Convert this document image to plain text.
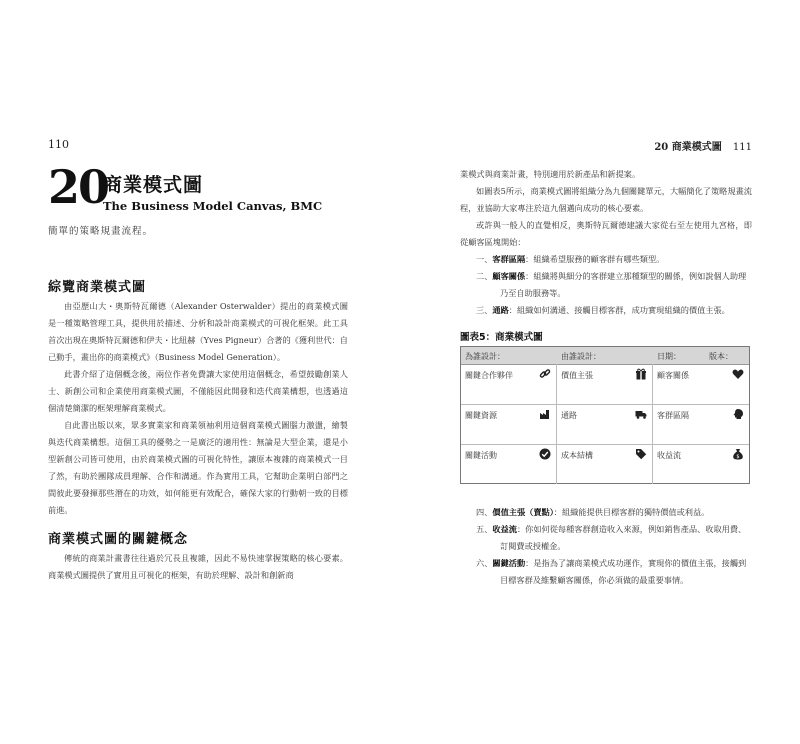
110
20
商業模式圖
The Business Model Canvas, BMC
簡單的策略規畫流程。
綜覽商業模式圖

由亞歷山大・奧斯特瓦爾德（Alexander Osterwalder）提出的商業模式圖是一種策略管理工具，提供用於描述、分析和設計商業模式的可視化框架。此工具首次出現在奧斯特瓦爾德和伊夫・比紐赫（Yves Pigneur）合著的《獲利世代：自己動手，畫出你的商業模式》（Business Model Generation）。

此書介紹了這個概念後，兩位作者免費讓大家使用這個概念，希望鼓勵創業人士、新創公司和企業使用商業模式圖，不僅能因此開發和迭代商業構想，也透過這個清楚簡潔的框架理解商業模式。

自此書出版以來，眾多實業家和商業領袖利用這個商業模式圖腦力激盪，繪製與迭代商業構想。這個工具的優勢之一是廣泛的適用性：無論是大型企業，還是小型新創公司皆可使用，由於商業模式圖的可視化特性，讓原本複雜的商業模式一目了然，有助於團隊成員理解、合作和溝通。作為實用工具，它幫助企業明白部門之間彼此要發揮那些潛在的功效，如何能更有效配合，確保大家的行動朝一致的目標前進。

商業模式圖的關鍵概念

傳統的商業計畫書往往過於冗長且複雜，因此不易快速掌握策略的核心要素。商業模式圖提供了實用且可視化的框架，有助於理解、設計和創新商

20 商業模式圖 111

業模式與商業計畫，特別適用於新產品和新提案。

如圖表5所示，商業模式圖將組織分為九個關鍵單元，大幅簡化了策略規畫流程，並協助大家專注於這九個邁向成功的核心要素。

或許與一般人的直覺相反，奧斯特瓦爾德建議大家從右至左使用九宮格，即從顧客區塊開始：

一、客群區隔：組織希望服務的顧客群有哪些類型。
二、顧客關係：組織將與細分的客群建立那種類型的關係，例如說個人助理乃至自助服務等。
三、通路：組織如何溝通、接觸目標客群，成功實現組織的價值主張。
圖表5：商業模式圖
為誰設計：	由誰設計：	日期：	版本：
關鍵合作夥伴	價值主張	顧客關係
關鍵資源	通路	客群區隔
關鍵活動	成本結構	收益流	$
四、價值主張（賣點）：組織能提供目標客群的獨特價值或利益。
五、收益流：你如何從每種客群創造收入來源，例如銷售產品、收取用費、訂閱費或授權金。
六、關鍵活動：是指為了讓商業模式成功運作，實現你的價值主張，接觸到目標客群及維繫顧客關係，你必須做的最重要事情。
